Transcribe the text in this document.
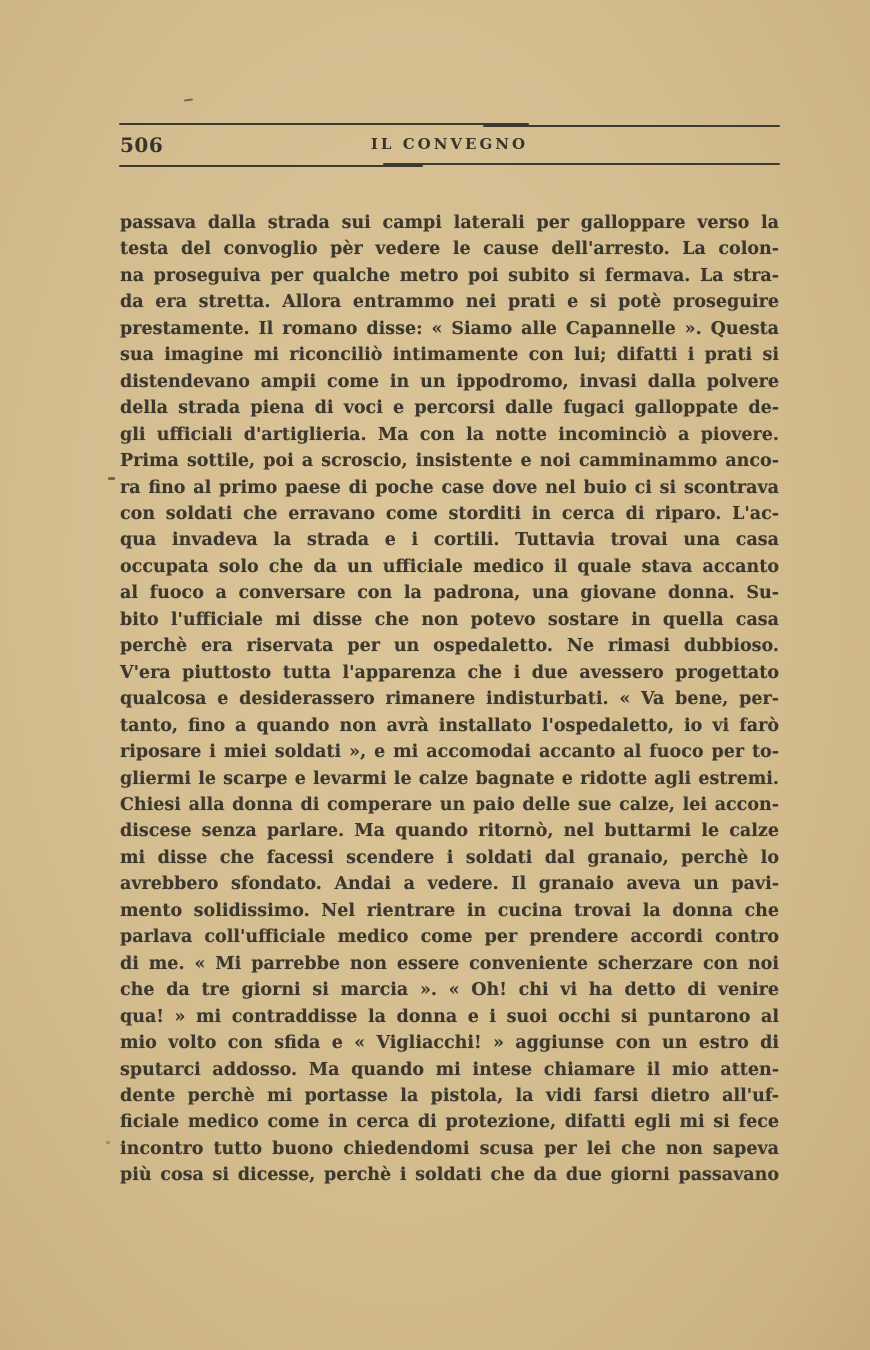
506	IL CONVEGNO
passava dalla strada sui campi laterali per galloppare verso la
testa del convoglio pèr vedere le cause dell'arresto. La colon-
na proseguiva per qualche metro poi subito si fermava. La stra-
da era stretta. Allora entrammo nei prati e si potè proseguire
prestamente. Il romano disse: « Siamo alle Capannelle ». Questa
sua imagine mi riconciliò intimamente con lui; difatti i prati si
distendevano ampii come in un ippodromo, invasi dalla polvere
della strada piena di voci e percorsi dalle fugaci galloppate de-
gli ufficiali d'artiglieria. Ma con la notte incominciò a piovere.
Prima sottile, poi a scroscio, insistente e noi camminammo anco-
ra fino al primo paese di poche case dove nel buio ci si scontrava
con soldati che erravano come storditi in cerca di riparo. L'ac-
qua invadeva la strada e i cortili. Tuttavia trovai una casa
occupata solo che da un ufficiale medico il quale stava accanto
al fuoco a conversare con la padrona, una giovane donna. Su-
bito l'ufficiale mi disse che non potevo sostare in quella casa
perchè era riservata per un ospedaletto. Ne rimasi dubbioso.
V'era piuttosto tutta l'apparenza che i due avessero progettato
qualcosa e desiderassero rimanere indisturbati. « Va bene, per-
tanto, fino a quando non avrà installato l'ospedaletto, io vi farò
riposare i miei soldati », e mi accomodai accanto al fuoco per to-
gliermi le scarpe e levarmi le calze bagnate e ridotte agli estremi.
Chiesi alla donna di comperare un paio delle sue calze, lei accon-
discese senza parlare. Ma quando ritornò, nel buttarmi le calze
mi disse che facessi scendere i soldati dal granaio, perchè lo
avrebbero sfondato. Andai a vedere. Il granaio aveva un pavi-
mento solidissimo. Nel rientrare in cucina trovai la donna che
parlava coll'ufficiale medico come per prendere accordi contro
di me. « Mi parrebbe non essere conveniente scherzare con noi
che da tre giorni si marcia ». « Oh! chi vi ha detto di venire
qua! » mi contraddisse la donna e i suoi occhi si puntarono al
mio volto con sfida e « Vigliacchi! » aggiunse con un estro di
sputarci addosso. Ma quando mi intese chiamare il mio atten-
dente perchè mi portasse la pistola, la vidi farsi dietro all'uf-
ficiale medico come in cerca di protezione, difatti egli mi si fece
incontro tutto buono chiedendomi scusa per lei che non sapeva
più cosa si dicesse, perchè i soldati che da due giorni passavano
